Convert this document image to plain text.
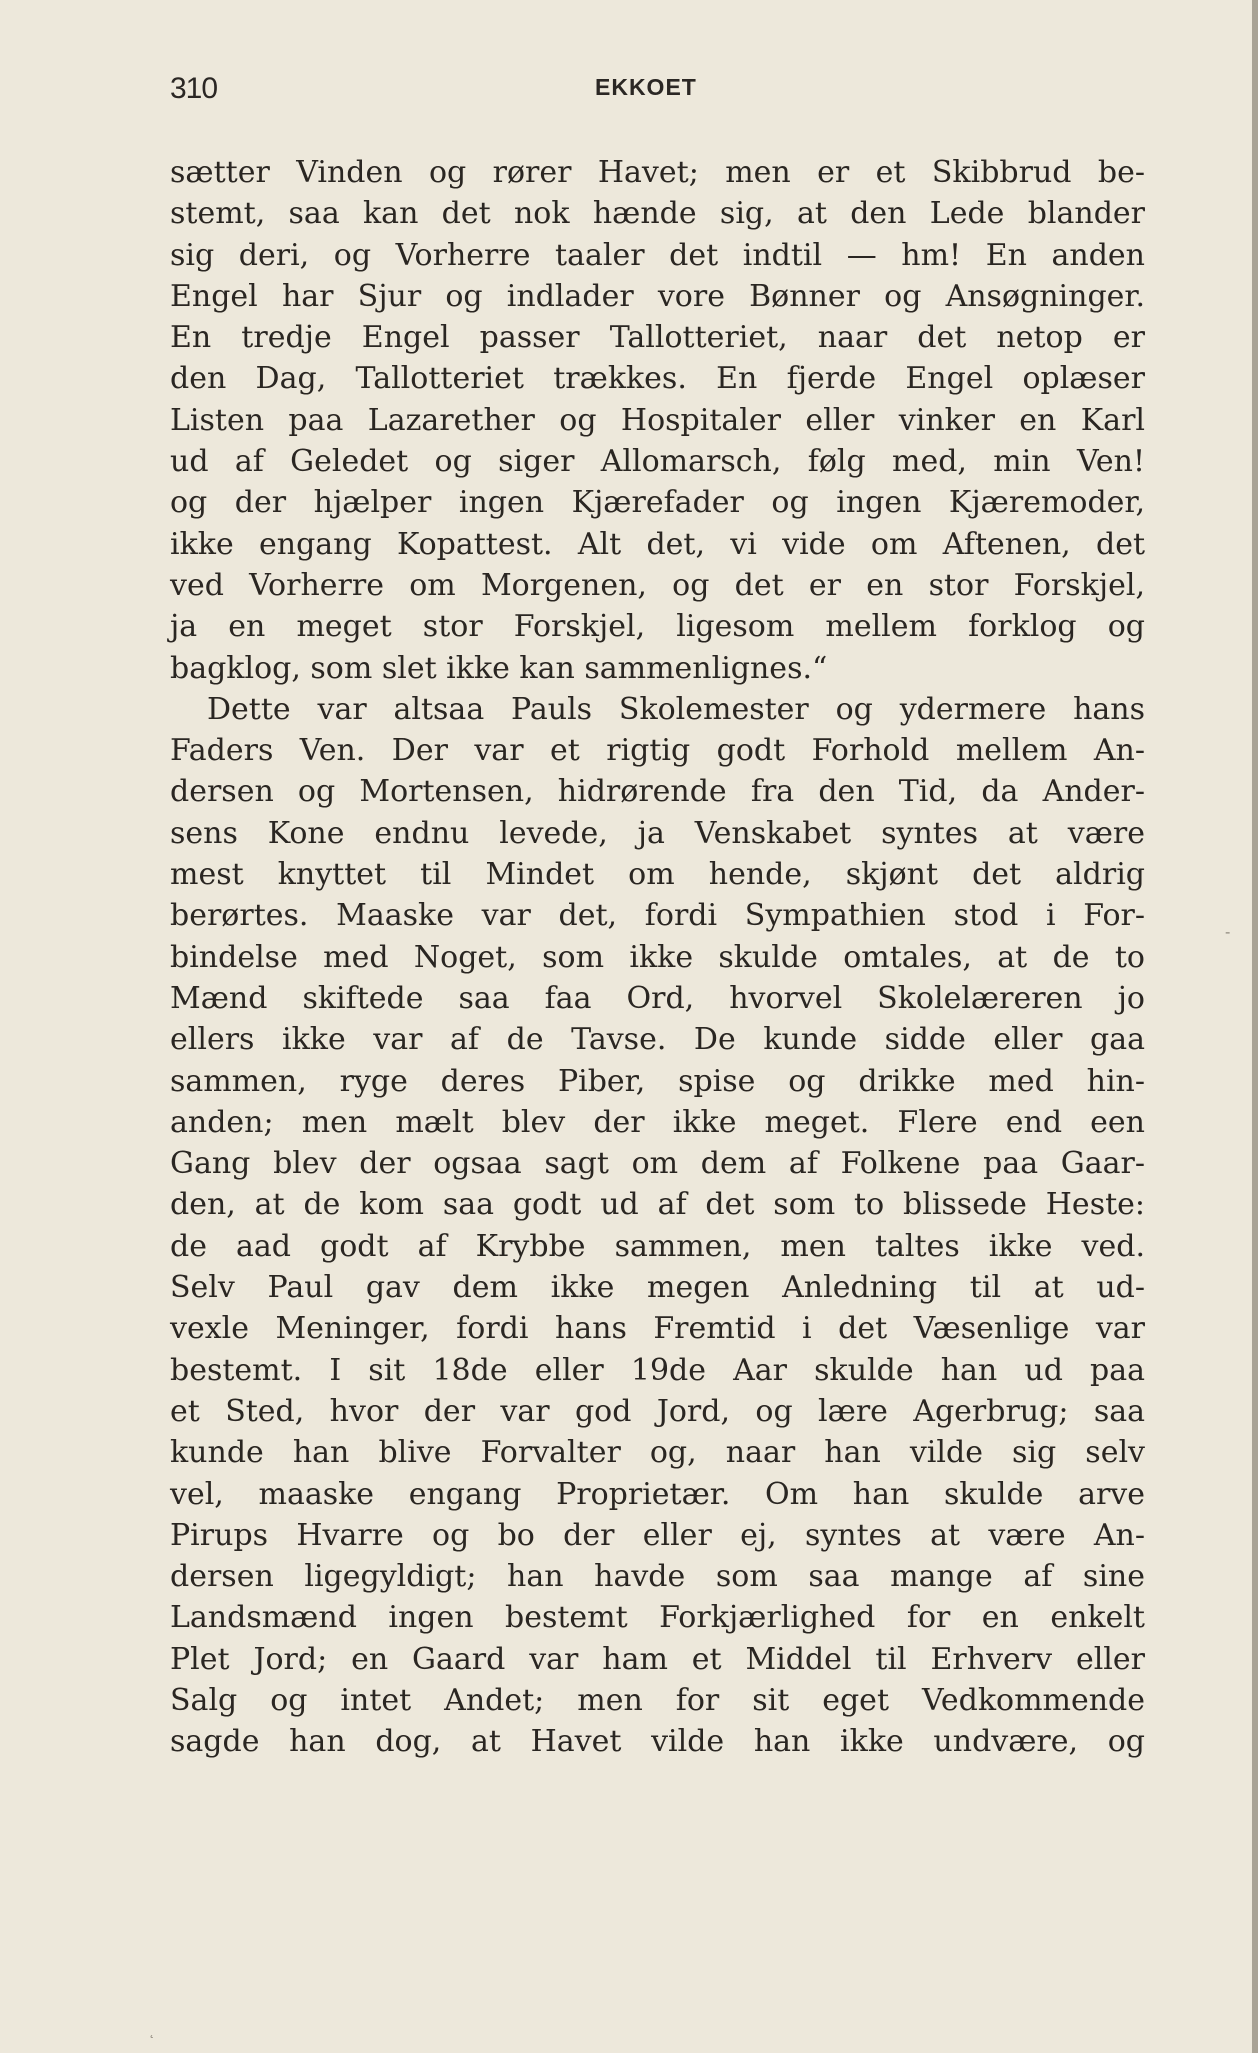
310	EKKOET
sætter Vinden og rører Havet; men er et Skibbrud be-
stemt, saa kan det nok hænde sig, at den Lede blander
sig deri, og Vorherre taaler det indtil — hm! En anden
Engel har Sjur og indlader vore Bønner og Ansøgninger.
En tredje Engel passer Tallotteriet, naar det netop er
den Dag, Tallotteriet trækkes. En fjerde Engel oplæser
Listen paa Lazarether og Hospitaler eller vinker en Karl
ud af Geledet og siger Allomarsch, følg med, min Ven!
og der hjælper ingen Kjærefader og ingen Kjæremoder,
ikke engang Kopattest. Alt det, vi vide om Aftenen, det
ved Vorherre om Morgenen, og det er en stor Forskjel,
ja en meget stor Forskjel, ligesom mellem forklog og
bagklog, som slet ikke kan sammenlignes.“
Dette var altsaa Pauls Skolemester og ydermere hans
Faders Ven. Der var et rigtig godt Forhold mellem An-
dersen og Mortensen, hidrørende fra den Tid, da Ander-
sens Kone endnu levede, ja Venskabet syntes at være
mest knyttet til Mindet om hende, skjønt det aldrig
berørtes. Maaske var det, fordi Sympathien stod i For-
bindelse med Noget, som ikke skulde omtales, at de to
Mænd skiftede saa faa Ord, hvorvel Skolelæreren jo
ellers ikke var af de Tavse. De kunde sidde eller gaa
sammen, ryge deres Piber, spise og drikke med hin-
anden; men mælt blev der ikke meget. Flere end een
Gang blev der ogsaa sagt om dem af Folkene paa Gaar-
den, at de kom saa godt ud af det som to blissede Heste:
de aad godt af Krybbe sammen, men taltes ikke ved.
Selv Paul gav dem ikke megen Anledning til at ud-
vexle Meninger, fordi hans Fremtid i det Væsenlige var
bestemt. I sit 18de eller 19de Aar skulde han ud paa
et Sted, hvor der var god Jord, og lære Agerbrug; saa
kunde han blive Forvalter og, naar han vilde sig selv
vel, maaske engang Proprietær. Om han skulde arve
Pirups Hvarre og bo der eller ej, syntes at være An-
dersen ligegyldigt; han havde som saa mange af sine
Landsmænd ingen bestemt Forkjærlighed for en enkelt
Plet Jord; en Gaard var ham et Middel til Erhverv eller
Salg og intet Andet; men for sit eget Vedkommende
sagde han dog, at Havet vilde han ikke undvære, og
-
˛
